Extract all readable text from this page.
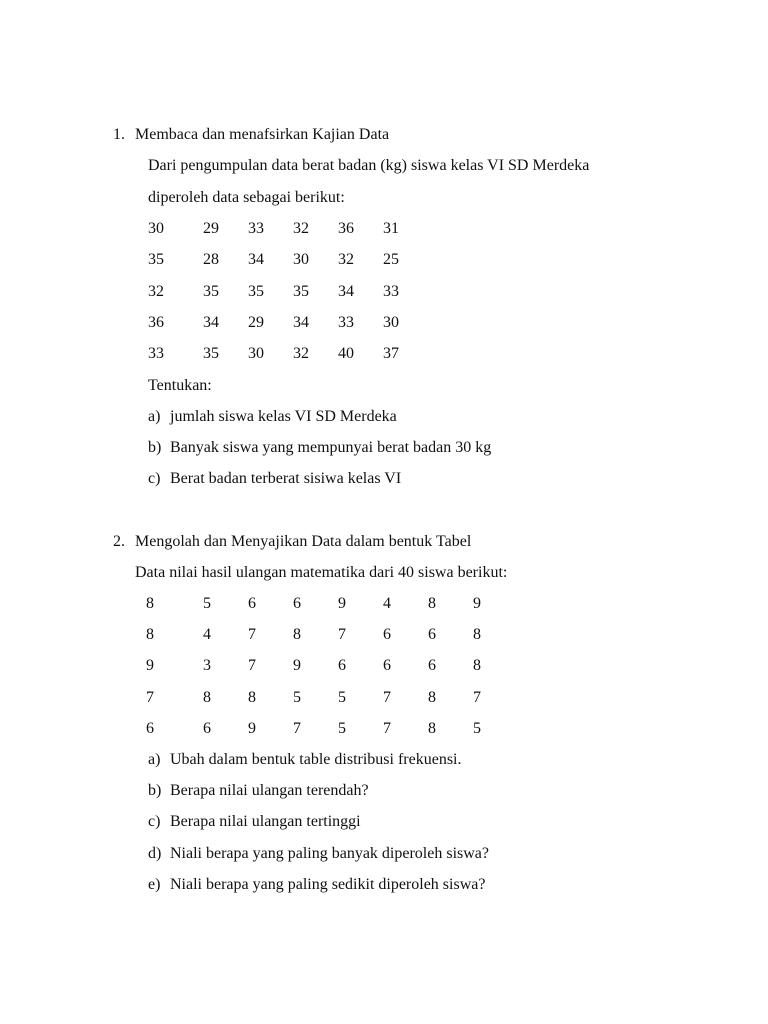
1. Membaca dan menafsirkan Kajian Data
Dari pengumpulan data berat badan (kg) siswa kelas VI SD Merdeka
diperoleh data sebagai berikut:
30 29 33 32 36 31
35 28 34 30 32 25
32 35 35 35 34 33
36 34 29 34 33 30
33 35 30 32 40 37
Tentukan:
a) jumlah siswa kelas VI SD Merdeka
b) Banyak siswa yang mempunyai berat badan 30 kg
c) Berat badan terberat sisiwa kelas VI
2. Mengolah dan Menyajikan Data dalam bentuk Tabel
Data nilai hasil ulangan matematika dari 40 siswa berikut:
8	5 6 6 9 4 8 9
8	4 7 8 7 6 6 8
9	3 7 9 6 6 6 8
7	8 8 5 5 7 8 7
6	6 9 7 5 7 8 5
a) Ubah dalam bentuk table distribusi frekuensi.
b) Berapa nilai ulangan terendah?
c) Berapa nilai ulangan tertinggi
d) Niali berapa yang paling banyak diperoleh siswa?
e) Niali berapa yang paling sedikit diperoleh siswa?
